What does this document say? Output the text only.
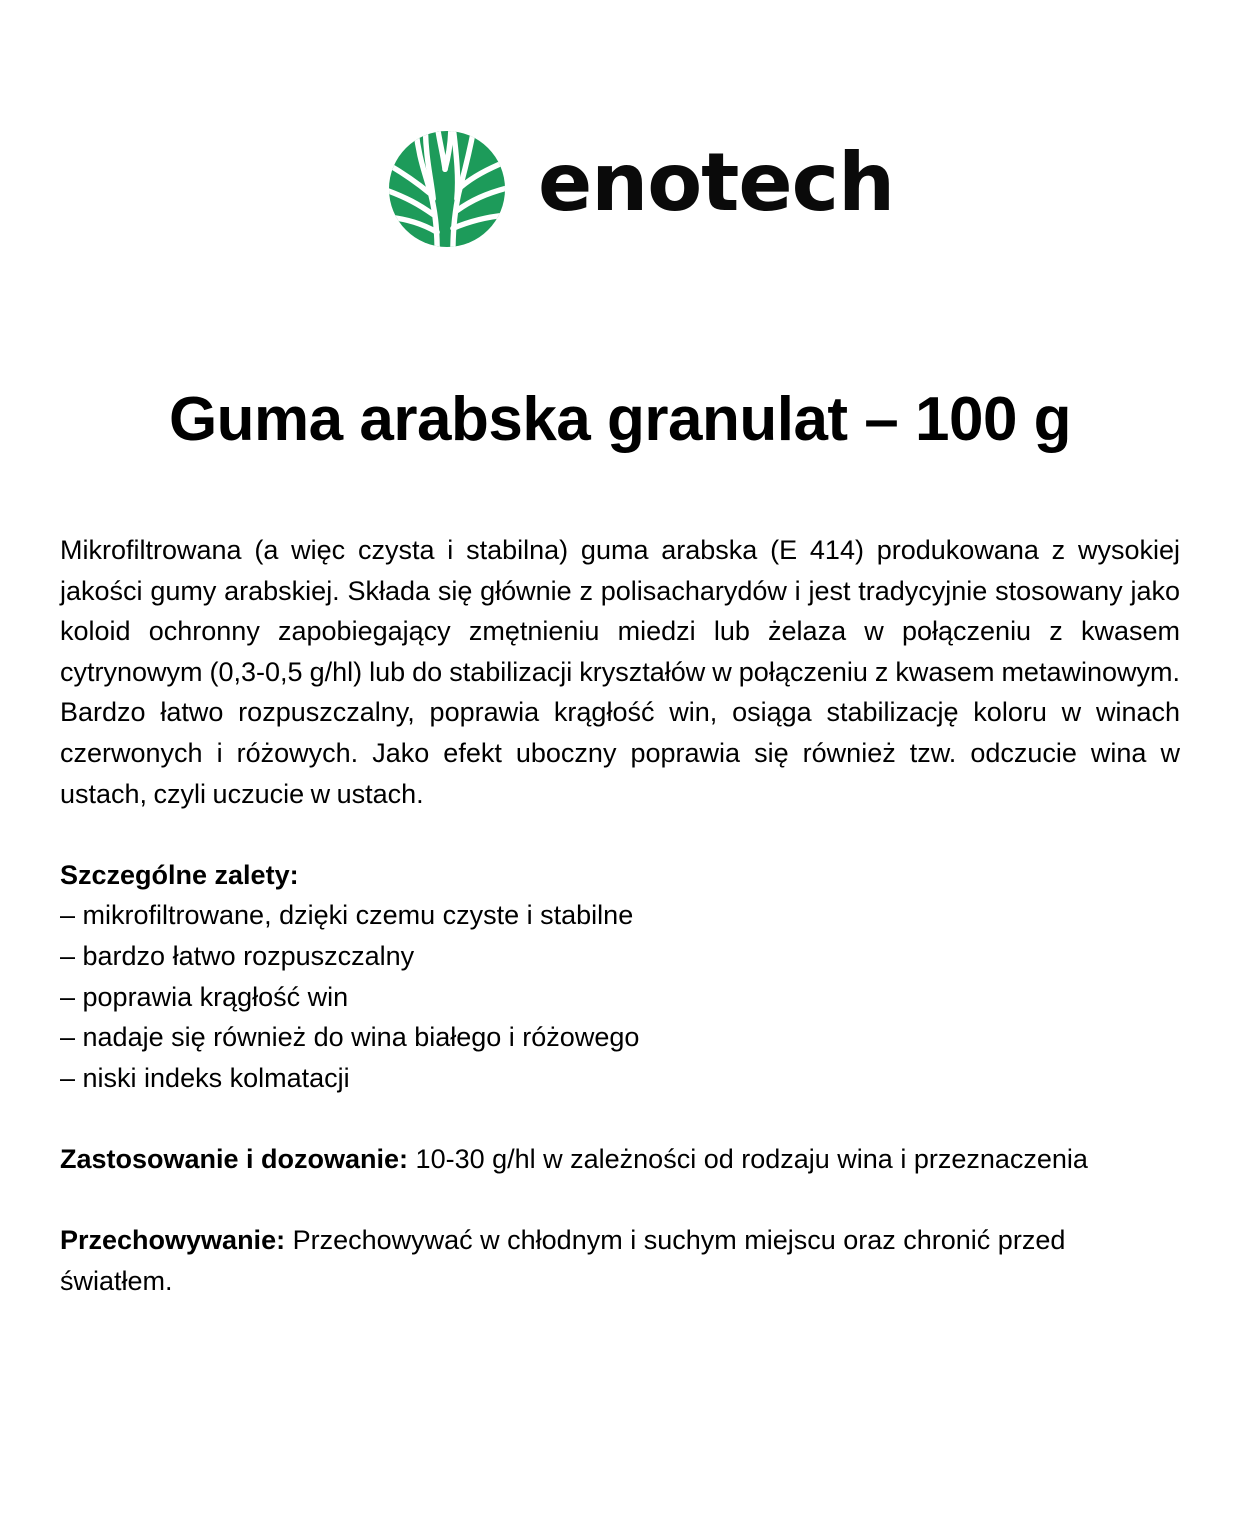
enotech
Guma arabska granulat – 100 g

Mikrofiltrowana (a więc czysta i stabilna) guma arabska (E 414) produkowana z wysokiej jakości gumy arabskiej. Składa się głównie z polisacharydów i jest tradycyjnie stosowany jako koloid ochronny zapobiegający zmętnieniu miedzi lub żelaza w połączeniu z kwasem cytrynowym (0,3-0,5 g/hl) lub do stabilizacji kryształów w połączeniu z kwasem metawinowym. Bardzo łatwo rozpuszczalny, poprawia krągłość win, osiąga stabilizację koloru w winach czerwonych i różowych. Jako efekt uboczny poprawia się również tzw. odczucie wina w ustach, czyli uczucie w ustach.

Szczególne zalety:

– mikrofiltrowane, dzięki czemu czyste i stabilne
– bardzo łatwo rozpuszczalny
– poprawia krągłość win
– nadaje się również do wina białego i różowego
– niski indeks kolmatacji

Zastosowanie i dozowanie: 10-30 g/hl w zależności od rodzaju wina i przeznaczenia

Przechowywanie: Przechowywać w chłodnym i suchym miejscu oraz chronić przed światłem.
